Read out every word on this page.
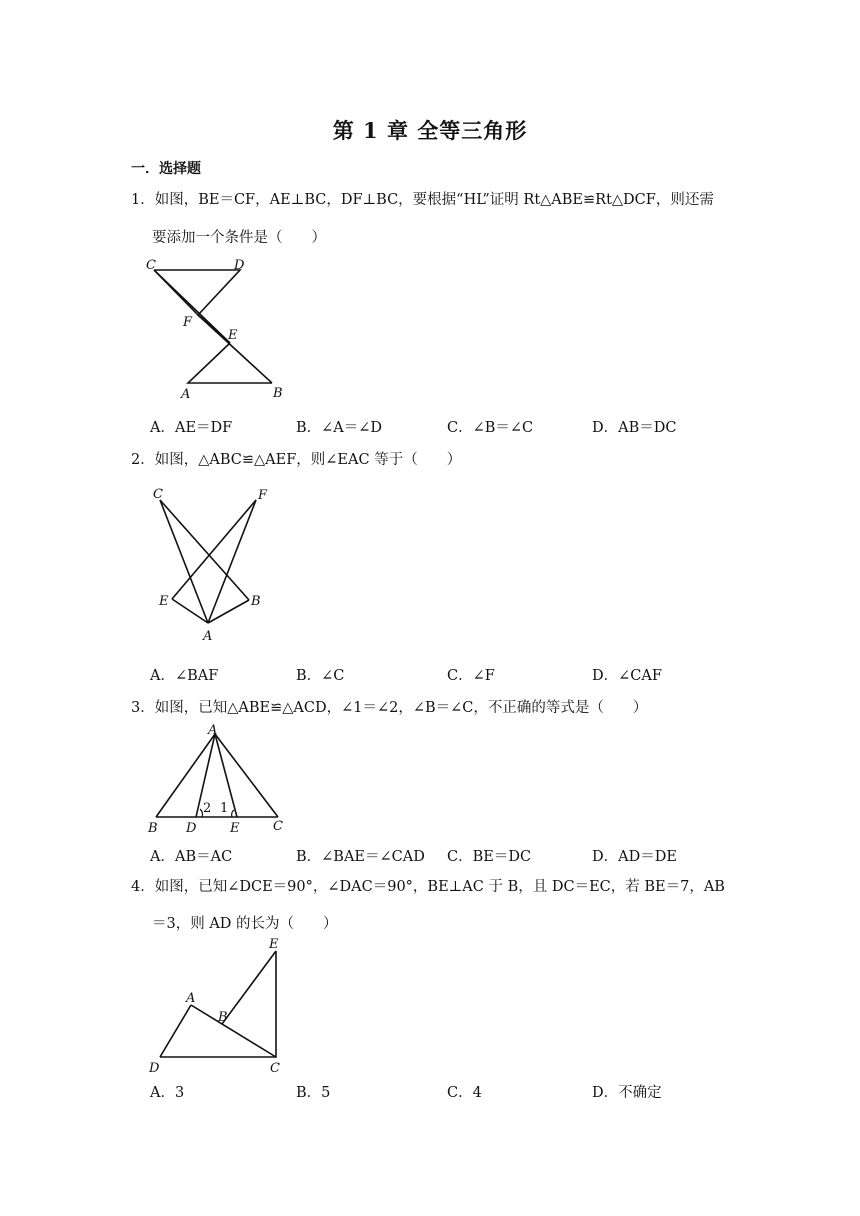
第 1 章 全等三角形
一．选择题
1．如图，BE＝CF，AE⊥BC，DF⊥BC，要根据“HL”证明 Rt△ABE≌Rt△DCF，则还需
要添加一个条件是（　　）
C	D
F
E
A	B
A．AE＝DF	B．∠A＝∠D	C．∠B＝∠C	D．AB＝DC
2．如图，△ABC≌△AEF，则∠EAC 等于（　　）
C	F
E	B
A
A．∠BAF	B．∠C	C．∠F	D．∠CAF
3．如图，已知△ABE≌△ACD，∠1＝∠2，∠B＝∠C，不正确的等式是（　　）
A
B D	E	C
2 1
A．AB＝AC	B．∠BAE＝∠CAD C．BE＝DC	D．AD＝DE
4．如图，已知∠DCE＝90°，∠DAC＝90°，BE⊥AC 于 B，且 DC＝EC，若 BE＝7，AB
＝3，则 AD 的长为（　　）
E
A
B
D	C
A．3	B．5	C．4	D．不确定
